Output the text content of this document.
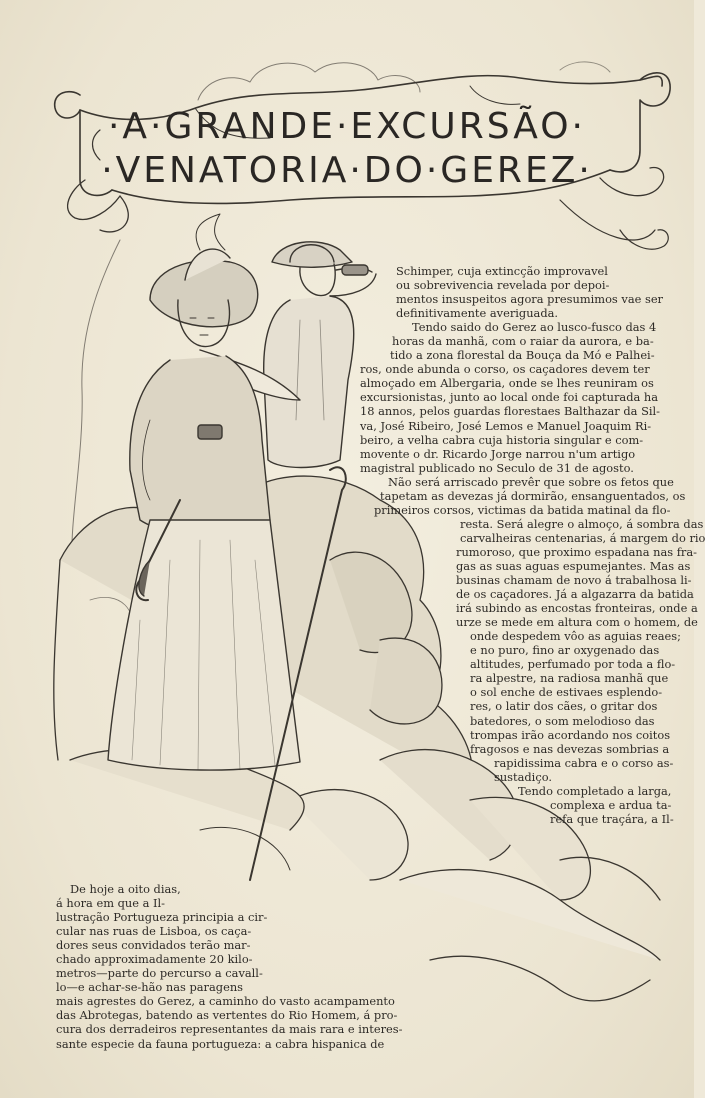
·A·GRANDE·EXCURSÃO·
·VENATORIA·DO·GEREZ·
Schimper, cuja extincção improvavel
ou sobrevivencia revelada por depoi-
mentos insuspeitos agora presumimos vae ser
definitivamente averiguada.
Tendo saido do Gerez ao lusco-fusco das 4
horas da manhã, com o raiar da aurora, e ba-
tido a zona florestal da Bouça da Mó e Palhei-
ros, onde abunda o corso, os caçadores devem ter
almoçado em Albergaria, onde se lhes reuniram os
excursionistas, junto ao local onde foi capturada ha
18 annos, pelos guardas florestaes Balthazar da Sil-
va, José Ribeiro, José Lemos e Manuel Joaquim Ri-
beiro, a velha cabra cuja historia singular e com-
movente o dr. Ricardo Jorge narrou n'um artigo
magistral publicado no Seculo de 31 de agosto.
Não será arriscado prevêr que sobre os fetos que
tapetam as devezas já dormirão, ensanguentados, os
primeiros corsos, victimas da batida matinal da flo-
resta. Será alegre o almoço, á sombra das
carvalheiras centenarias, á margem do rio
rumoroso, que proximo espadana nas fra-
gas as suas aguas espumejantes. Mas as
businas chamam de novo á trabalhosa li-
de os caçadores. Já a algazarra da batida
irá subindo as encostas fronteiras, onde a
urze se mede em altura com o homem, de
onde despedem vôo as aguias reaes;
e no puro, fino ar oxygenado das
altitudes, perfumado por toda a flo-
ra alpestre, na radiosa manhã que
o sol enche de estivaes esplendo-
res, o latir dos cães, o gritar dos
batedores, o som melodioso das
trompas irão acordando nos coitos
fragosos e nas devezas sombrias a
rapidissima cabra e o corso as-
sustadiço.
Tendo completado a larga,
complexa e ardua ta-
refa que traçára, a Il-
De hoje a oito dias,
á hora em que a Il-
lustração Portugueza principia a cir-
cular nas ruas de Lisboa, os caça-
dores seus convidados terão mar-
chado approximadamente 20 kilo-
metros—parte do percurso a cavall-
lo—e achar-se-hão nas paragens
mais agrestes do Gerez, a caminho do vasto acampamento
das Abrotegas, batendo as vertentes do Rio Homem, á pro-
cura dos derradeiros representantes da mais rara e interes-
sante especie da fauna portugueza: a cabra hispanica de
